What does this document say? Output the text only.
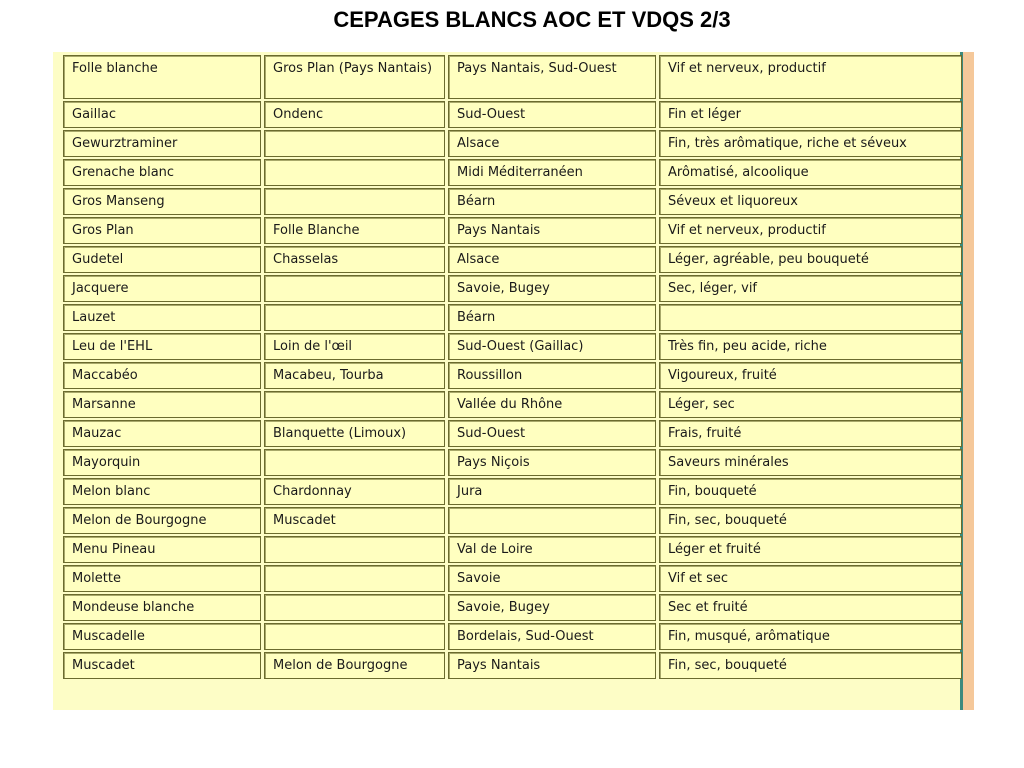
CEPAGES BLANCS AOC ET VDQS 2/3
Folle blanche	Gros Plan (Pays Nantais)	Pays Nantais, Sud-Ouest	Vif et nerveux, productif
Gaillac	Ondenc	Sud-Ouest	Fin et léger
Gewurztraminer		Alsace	Fin, très arômatique, riche et séveux
Grenache blanc		Midi Méditerranéen	Arômatisé, alcoolique
Gros Manseng		Béarn	Séveux et liquoreux
Gros Plan	Folle Blanche	Pays Nantais	Vif et nerveux, productif
Gudetel	Chasselas	Alsace	Léger, agréable, peu bouqueté
Jacquere		Savoie, Bugey	Sec, léger, vif
Lauzet		Béarn	
Leu de l'EHL	Loin de l'œil	Sud-Ouest (Gaillac)	Très fin, peu acide, riche
Maccabéo	Macabeu, Tourba	Roussillon	Vigoureux, fruité
Marsanne		Vallée du Rhône	Léger, sec
Mauzac	Blanquette (Limoux)	Sud-Ouest	Frais, fruité
Mayorquin		Pays Niçois	Saveurs minérales
Melon blanc	Chardonnay	Jura	Fin, bouqueté
Melon de Bourgogne	Muscadet		Fin, sec, bouqueté
Menu Pineau		Val de Loire	Léger et fruité
Molette		Savoie	Vif et sec
Mondeuse blanche		Savoie, Bugey	Sec et fruité
Muscadelle		Bordelais, Sud-Ouest	Fin, musqué, arômatique
Muscadet	Melon de Bourgogne	Pays Nantais	Fin, sec, bouqueté
